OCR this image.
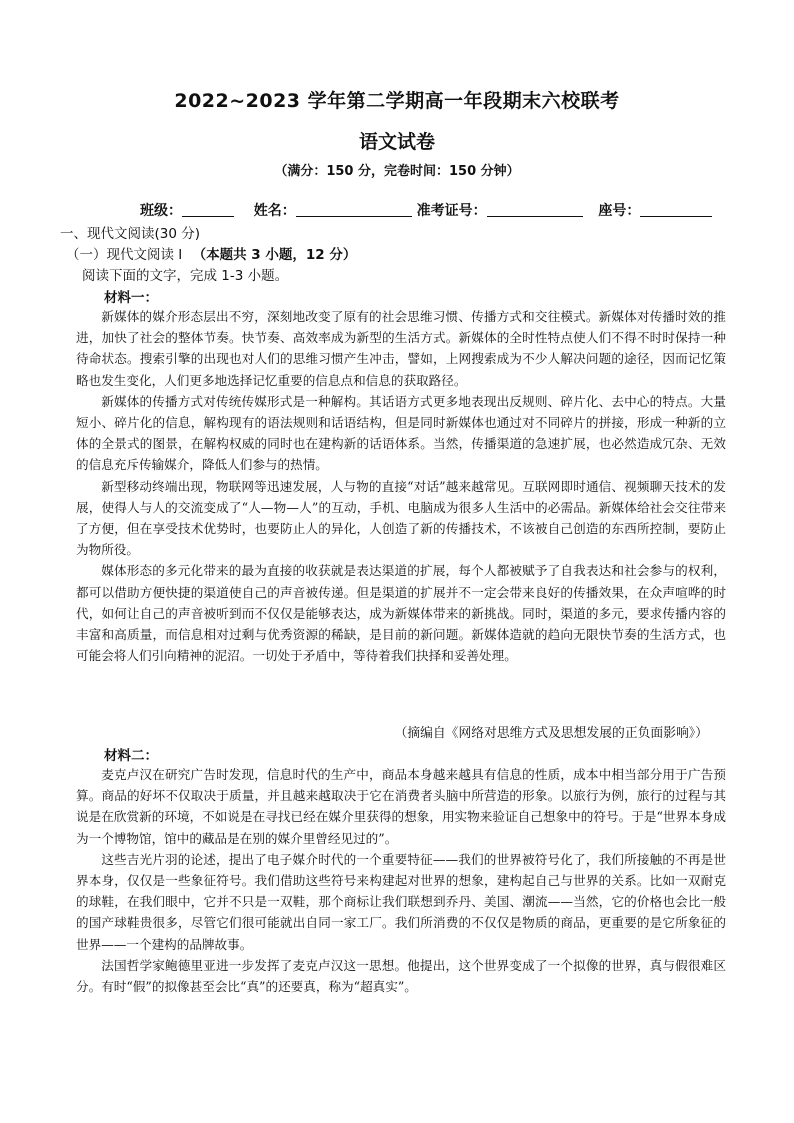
2022~2023 学年第二学期高一年段期末六校联考
语文试卷
（满分：150 分，完卷时间：150 分钟）
班级：	姓名：	准考证号：	座号：
一、现代文阅读(30 分)
（一）现代文阅读 I （本题共 3 小题，12 分）
阅读下面的文字，完成 1-3 小题。
材料一：

新媒体的媒介形态层出不穷，深刻地改变了原有的社会思维习惯、传播方式和交往模式。新媒体对传播时效的推进，加快了社会的整体节奏。快节奏、高效率成为新型的生活方式。新媒体的全时性特点使人们不得不时时保持一种待命状态。搜索引擎的出现也对人们的思维习惯产生冲击，譬如，上网搜索成为不少人解决问题的途径，因而记忆策略也发生变化，人们更多地选择记忆重要的信息点和信息的获取路径。

新媒体的传播方式对传统传媒形式是一种解构。其话语方式更多地表现出反规则、碎片化、去中心的特点。大量短小、碎片化的信息，解构现有的语法规则和话语结构，但是同时新媒体也通过对不同碎片的拼接，形成一种新的立体的全景式的图景，在解构权威的同时也在建构新的话语体系。当然，传播渠道的急速扩展，也必然造成冗杂、无效的信息充斥传输媒介，降低人们参与的热情。

新型移动终端出现，物联网等迅速发展，人与物的直接“对话”越来越常见。互联网即时通信、视频聊天技术的发展，使得人与人的交流变成了“人—物—人”的互动，手机、电脑成为很多人生活中的必需品。新媒体给社会交往带来了方便，但在享受技术优势时，也要防止人的异化，人创造了新的传播技术，不该被自己创造的东西所控制，要防止为物所役。

媒体形态的多元化带来的最为直接的收获就是表达渠道的扩展，每个人都被赋予了自我表达和社会参与的权利，都可以借助方便快捷的渠道使自己的声音被传递。但是渠道的扩展并不一定会带来良好的传播效果，在众声喧哗的时代，如何让自己的声音被听到而不仅仅是能够表达，成为新媒体带来的新挑战。同时，渠道的多元，要求传播内容的丰富和高质量，而信息相对过剩与优秀资源的稀缺，是目前的新问题。新媒体造就的趋向无限快节奏的生活方式，也可能会将人们引向精神的泥沼。一切处于矛盾中，等待着我们抉择和妥善处理。

（摘编自《网络对思维方式及思想发展的正负面影响》）
材料二：

麦克卢汉在研究广告时发现，信息时代的生产中，商品本身越来越具有信息的性质，成本中相当部分用于广告预算。商品的好坏不仅取决于质量，并且越来越取决于它在消费者头脑中所营造的形象。以旅行为例，旅行的过程与其说是在欣赏新的环境，不如说是在寻找已经在媒介里获得的想象，用实物来验证自己想象中的符号。于是“世界本身成为一个博物馆，馆中的藏品是在别的媒介里曾经见过的”。

这些吉光片羽的论述，提出了电子媒介时代的一个重要特征——我们的世界被符号化了，我们所接触的不再是世界本身，仅仅是一些象征符号。我们借助这些符号来构建起对世界的想象，建构起自己与世界的关系。比如一双耐克的球鞋，在我们眼中，它并不只是一双鞋，那个商标让我们联想到乔丹、美国、潮流——当然，它的价格也会比一般的国产球鞋贵很多，尽管它们很可能就出自同一家工厂。我们所消费的不仅仅是物质的商品，更重要的是它所象征的世界——一个建构的品牌故事。

法国哲学家鲍德里亚进一步发挥了麦克卢汉这一思想。他提出，这个世界变成了一个拟像的世界，真与假很难区分。有时“假”的拟像甚至会比“真”的还要真，称为“超真实”。
